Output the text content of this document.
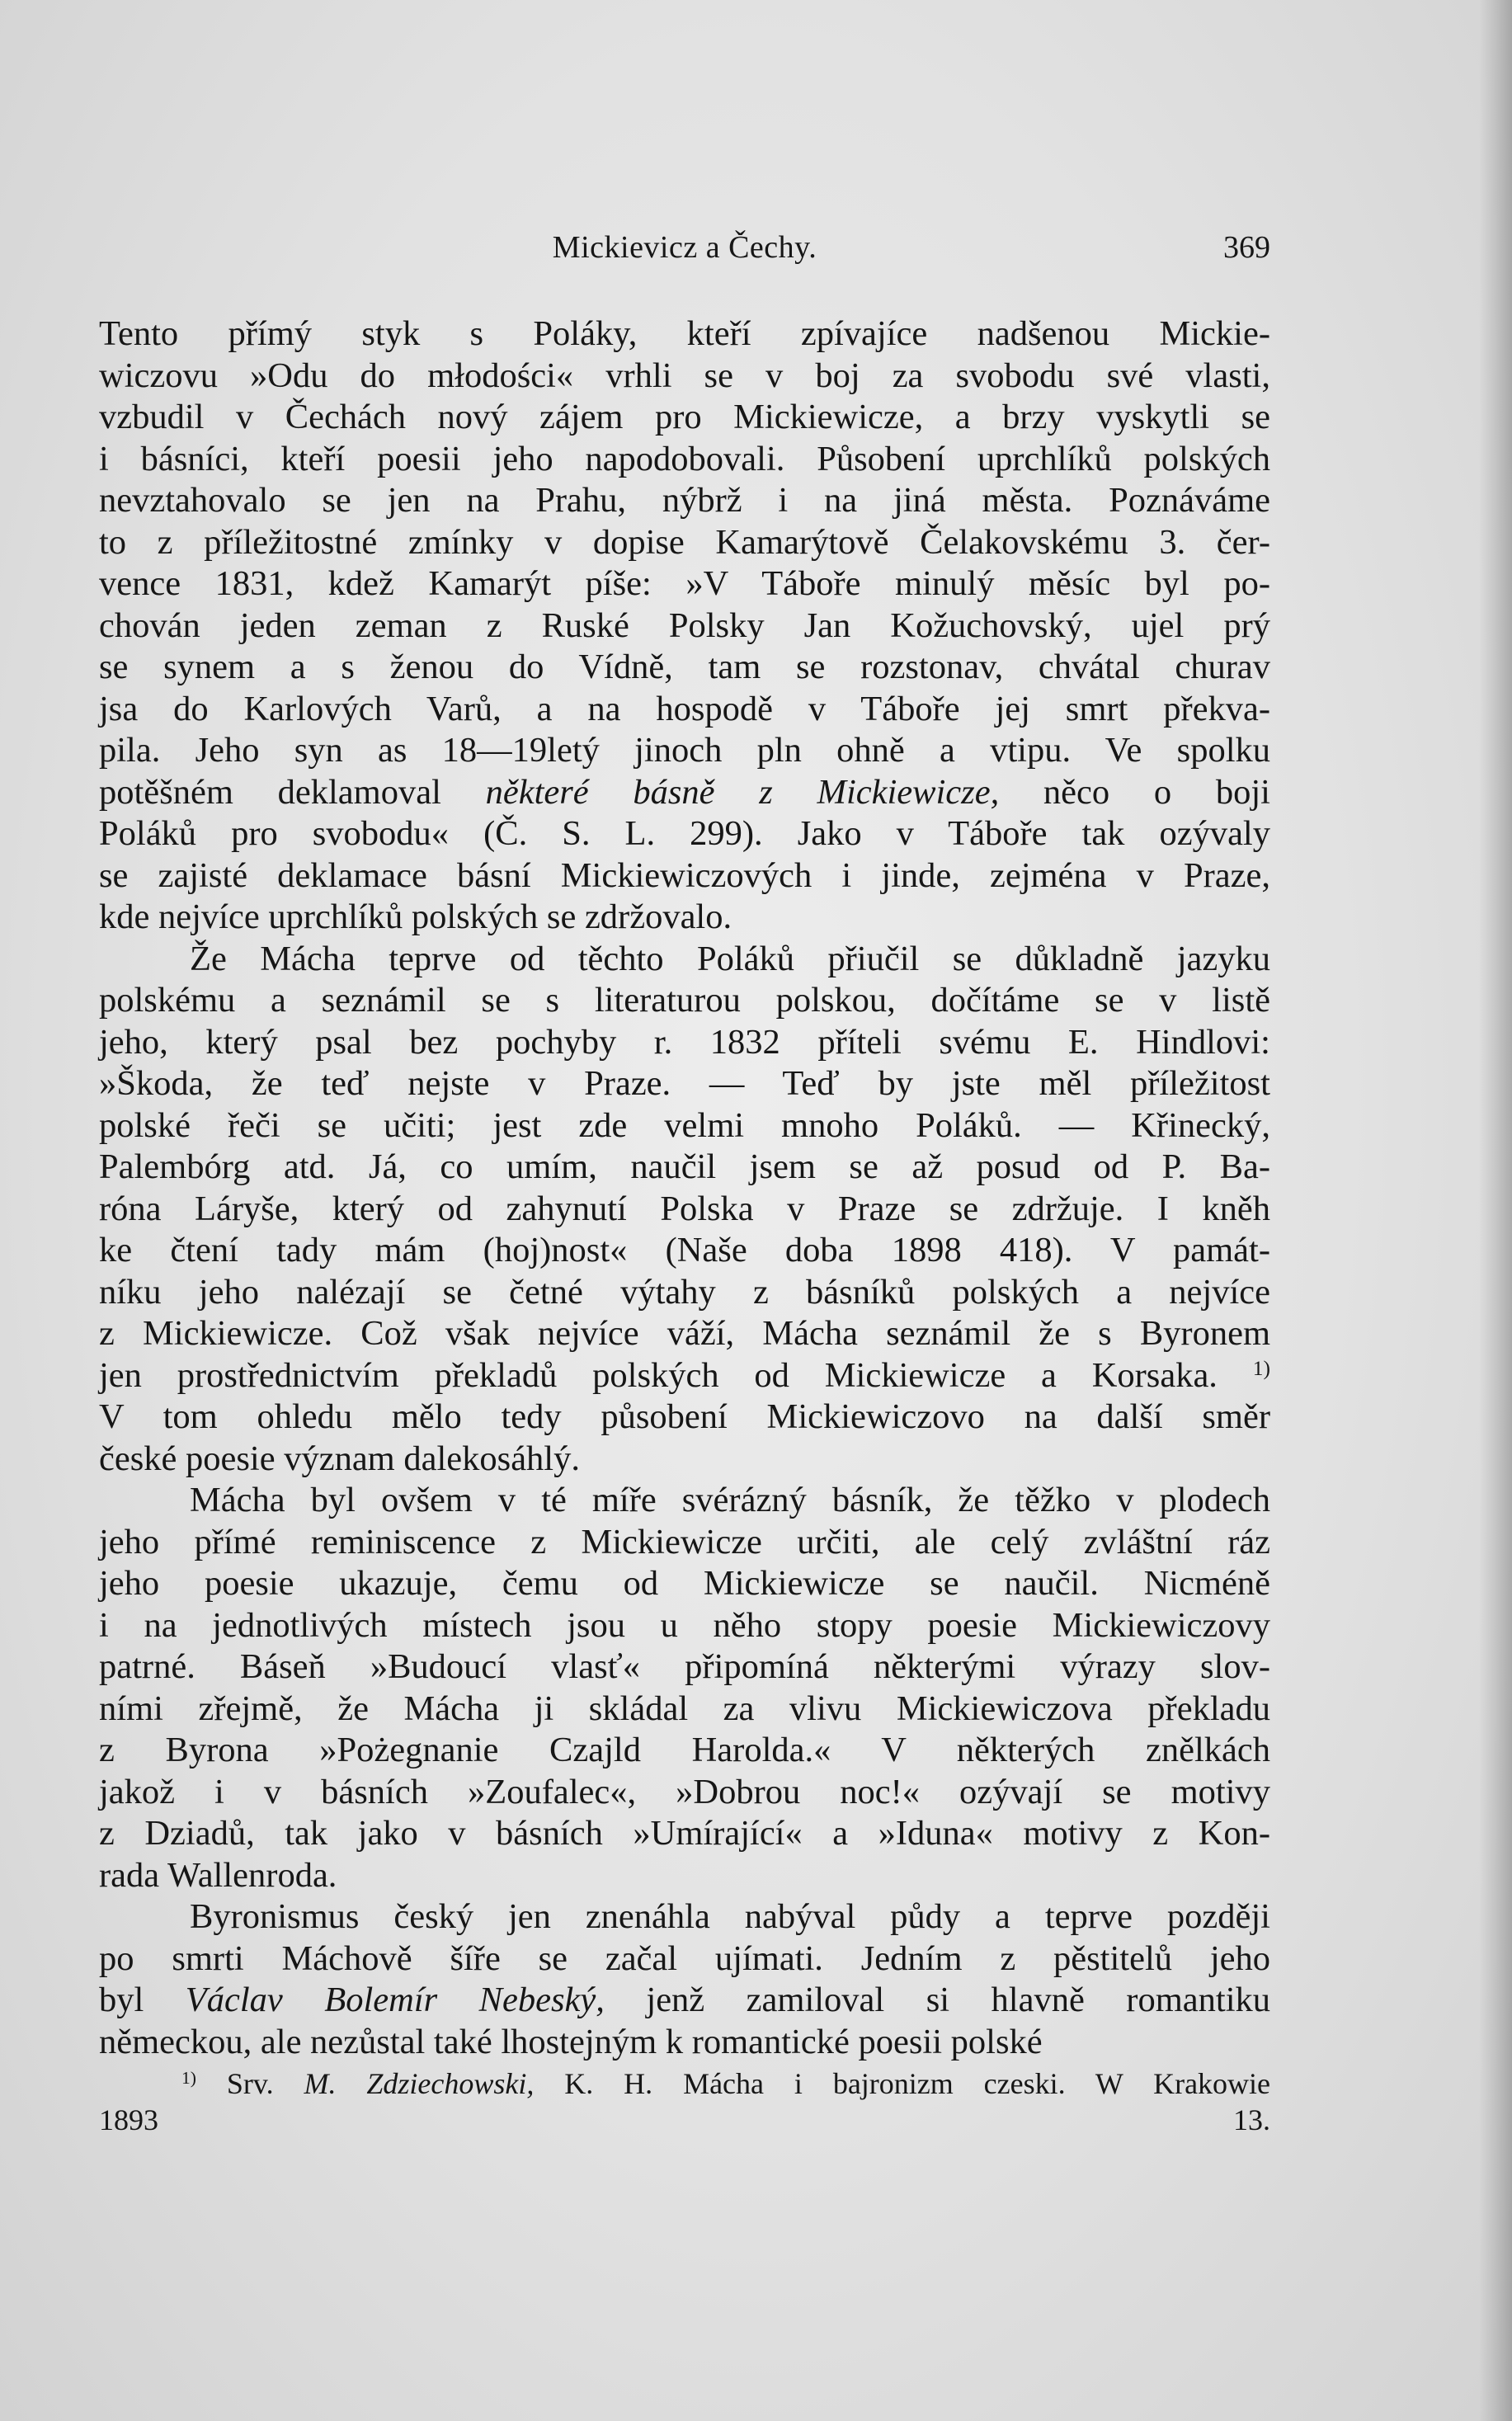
Mickievicz a Čechy.	369
Tento přímý styk s Poláky, kteří zpívajíce nadšenou Mickie-
wiczovu »Odu do młodości« vrhli se v boj za svobodu své vlasti,
vzbudil v Čechách nový zájem pro Mickiewicze, a brzy vyskytli se
i básníci, kteří poesii jeho napodobovali. Působení uprchlíků polských
nevztahovalo se jen na Prahu, nýbrž i na jiná města. Poznáváme
to z příležitostné zmínky v dopise Kamarýtově Čelakovskému 3. čer-
vence 1831, kdež Kamarýt píše: »V Táboře minulý měsíc byl po-
chován jeden zeman z Ruské Polsky Jan Kožuchovský, ujel prý
se synem a s ženou do Vídně, tam se rozstonav, chvátal churav
jsa do Karlových Varů, a na hospodě v Táboře jej smrt překva-
pila. Jeho syn as 18—19letý jinoch pln ohně a vtipu. Ve spolku
potěšném deklamoval některé básně z Mickiewicze, něco o boji
Poláků pro svobodu« (Č. S. L. 299). Jako v Táboře tak ozývaly
se zajisté deklamace básní Mickiewiczových i jinde, zejména v Praze,
kde nejvíce uprchlíků polských se zdržovalo.
Že Mácha teprve od těchto Poláků přiučil se důkladně jazyku
polskému a seznámil se s literaturou polskou, dočítáme se v listě
jeho, který psal bez pochyby r. 1832 příteli svému E. Hindlovi:
»Škoda, že teď nejste v Praze. — Teď by jste měl příležitost
polské řeči se učiti; jest zde velmi mnoho Poláků. — Křinecký,
Palembórg atd. Já, co umím, naučil jsem se až posud od P. Ba-
róna Láryše, který od zahynutí Polska v Praze se zdržuje. I kněh
ke čtení tady mám (hoj)nost« (Naše doba 1898 418). V památ-
níku jeho nalézají se četné výtahy z básníků polských a nejvíce
z Mickiewicze. Což však nejvíce váží, Mácha seznámil že s Byronem
jen prostřednictvím překladů polských od Mickiewicze a Korsaka. $^{1)}$
V tom ohledu mělo tedy působení Mickiewiczovo na další směr
české poesie význam dalekosáhlý.
Mácha byl ovšem v té míře svérázný básník, že těžko v plodech
jeho přímé reminiscence z Mickiewicze určiti, ale celý zvláštní ráz
jeho poesie ukazuje, čemu od Mickiewicze se naučil. Nicméně
i na jednotlivých místech jsou u něho stopy poesie Mickiewiczovy
patrné. Báseň »Budoucí vlasť« připomíná některými výrazy slov-
ními zřejmě, že Mácha ji skládal za vlivu Mickiewiczova překladu
z Byrona »Pożegnanie Czajld Harolda.« V některých znělkách
jakož i v básních »Zoufalec«, »Dobrou noc!« ozývají se motivy
z Dziadů, tak jako v básních »Umírající« a »Iduna« motivy z Kon-
rada Wallenroda.
Byronismus český jen znenáhla nabýval půdy a teprve později
po smrti Máchově šíře se začal ujímati. Jedním z pěstitelů jeho
byl Václav Bolemír Nebeský, jenž zamiloval si hlavně romantiku
německou, ale nezůstal také lhostejným k romantické poesii polské
$^{1)}$ Srv. M. Zdziechowski, K. H. Mácha i bajronizm czeski. W Krakowie
1893 13.
